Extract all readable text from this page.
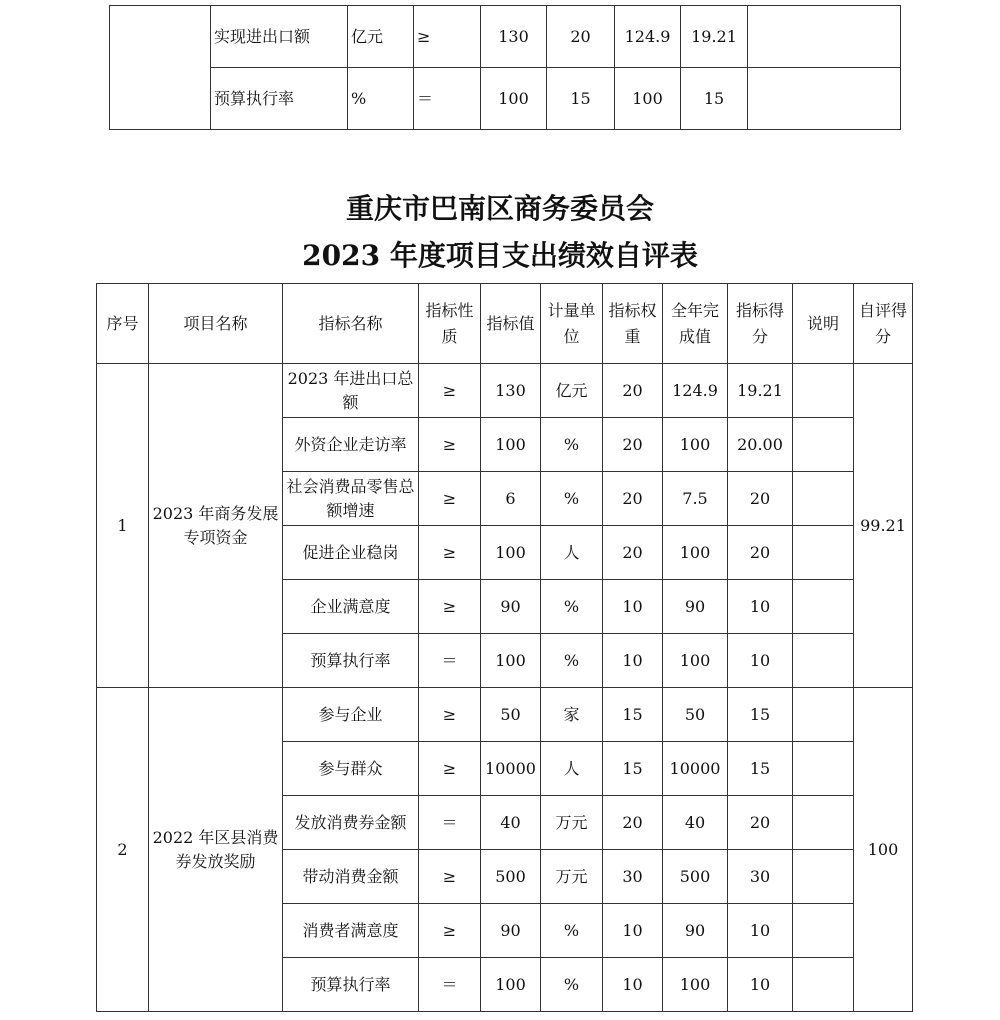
	实现进出口额	亿元	≥	130	20	124.9	19.21	
	预算执行率	%	＝	100	15	100	15	
重庆市巴南区商务委员会
2023 年度项目支出绩效自评表
序号	项目名称	指标名称	指标性质	指标值	计量单位	指标权重	全年完成值	指标得分	说明	自评得分
1	2023 年商务发展专项资金	2023 年进出口总额	≥	130	亿元	20	124.9	19.21		99.21
		外资企业走访率	≥	100	%	20	100	20.00		
		社会消费品零售总额增速	≥	6	%	20	7.5	20		
		促进企业稳岗	≥	100	人	20	100	20		
		企业满意度	≥	90	%	10	90	10		
		预算执行率	＝	100	%	10	100	10		
2	2022 年区县消费券发放奖励	参与企业	≥	50	家	15	50	15		100
		参与群众	≥	10000	人	15	10000	15		
		发放消费券金额	＝	40	万元	20	40	20		
		带动消费金额	≥	500	万元	30	500	30		
		消费者满意度	≥	90	%	10	90	10		
		预算执行率	＝	100	%	10	100	10		
